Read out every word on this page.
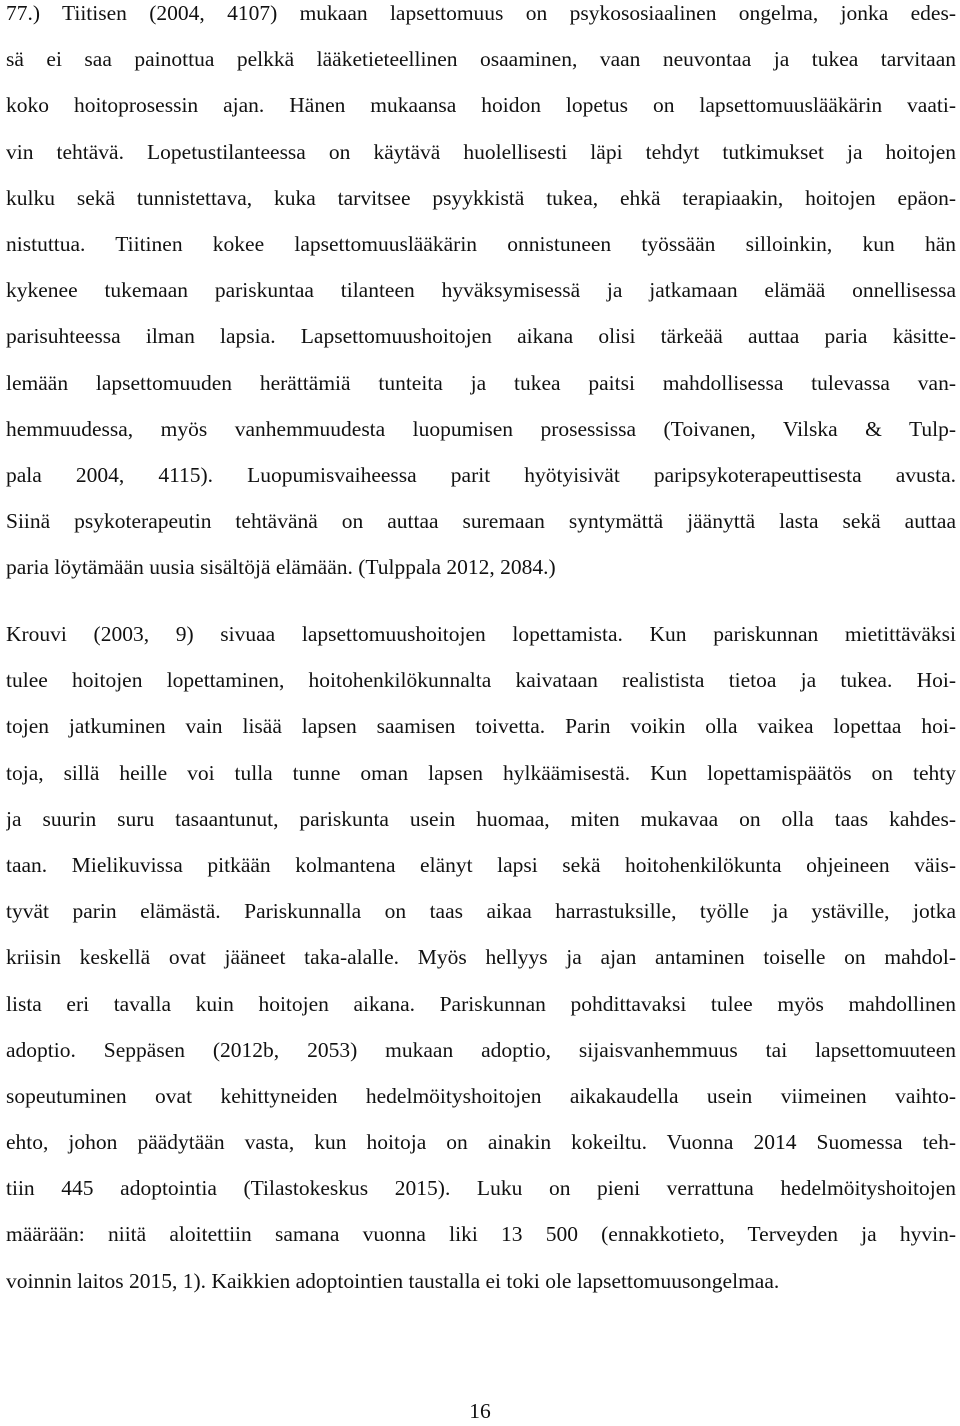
77.) Tiitisen (2004, 4107) mukaan lapsettomuus on psykososiaalinen ongelma, jonka edes-
sä ei saa painottua pelkkä lääketieteellinen osaaminen, vaan neuvontaa ja tukea tarvitaan
koko hoitoprosessin ajan. Hänen mukaansa hoidon lopetus on lapsettomuuslääkärin vaati-
vin tehtävä. Lopetustilanteessa on käytävä huolellisesti läpi tehdyt tutkimukset ja hoitojen
kulku sekä tunnistettava, kuka tarvitsee psyykkistä tukea, ehkä terapiaakin, hoitojen epäon-
nistuttua. Tiitinen kokee lapsettomuuslääkärin onnistuneen työssään silloinkin, kun hän
kykenee tukemaan pariskuntaa tilanteen hyväksymisessä ja jatkamaan elämää onnellisessa
parisuhteessa ilman lapsia. Lapsettomuushoitojen aikana olisi tärkeää auttaa paria käsitte-
lemään lapsettomuuden herättämiä tunteita ja tukea paitsi mahdollisessa tulevassa van-
hemmuudessa, myös vanhemmuudesta luopumisen prosessissa (Toivanen, Vilska & Tulp-
pala 2004, 4115). Luopumisvaiheessa parit hyötyisivät paripsykoterapeuttisesta avusta.
Siinä psykoterapeutin tehtävänä on auttaa suremaan syntymättä jäänyttä lasta sekä auttaa
paria löytämään uusia sisältöjä elämään. (Tulppala 2012, 2084.)
Krouvi (2003, 9) sivuaa lapsettomuushoitojen lopettamista. Kun pariskunnan mietittäväksi
tulee hoitojen lopettaminen, hoitohenkilökunnalta kaivataan realistista tietoa ja tukea. Hoi-
tojen jatkuminen vain lisää lapsen saamisen toivetta. Parin voikin olla vaikea lopettaa hoi-
toja, sillä heille voi tulla tunne oman lapsen hylkäämisestä. Kun lopettamispäätös on tehty
ja suurin suru tasaantunut, pariskunta usein huomaa, miten mukavaa on olla taas kahdes-
taan. Mielikuvissa pitkään kolmantena elänyt lapsi sekä hoitohenkilökunta ohjeineen väis-
tyvät parin elämästä. Pariskunnalla on taas aikaa harrastuksille, työlle ja ystäville, jotka
kriisin keskellä ovat jääneet taka-alalle. Myös hellyys ja ajan antaminen toiselle on mahdol-
lista eri tavalla kuin hoitojen aikana. Pariskunnan pohdittavaksi tulee myös mahdollinen
adoptio. Seppäsen (2012b, 2053) mukaan adoptio, sijaisvanhemmuus tai lapsettomuuteen
sopeutuminen ovat kehittyneiden hedelmöityshoitojen aikakaudella usein viimeinen vaihto-
ehto, johon päädytään vasta, kun hoitoja on ainakin kokeiltu. Vuonna 2014 Suomessa teh-
tiin 445 adoptointia (Tilastokeskus 2015). Luku on pieni verrattuna hedelmöityshoitojen
määrään: niitä aloitettiin samana vuonna liki 13 500 (ennakkotieto, Terveyden ja hyvin-
voinnin laitos 2015, 1). Kaikkien adoptointien taustalla ei toki ole lapsettomuusongelmaa.
16
